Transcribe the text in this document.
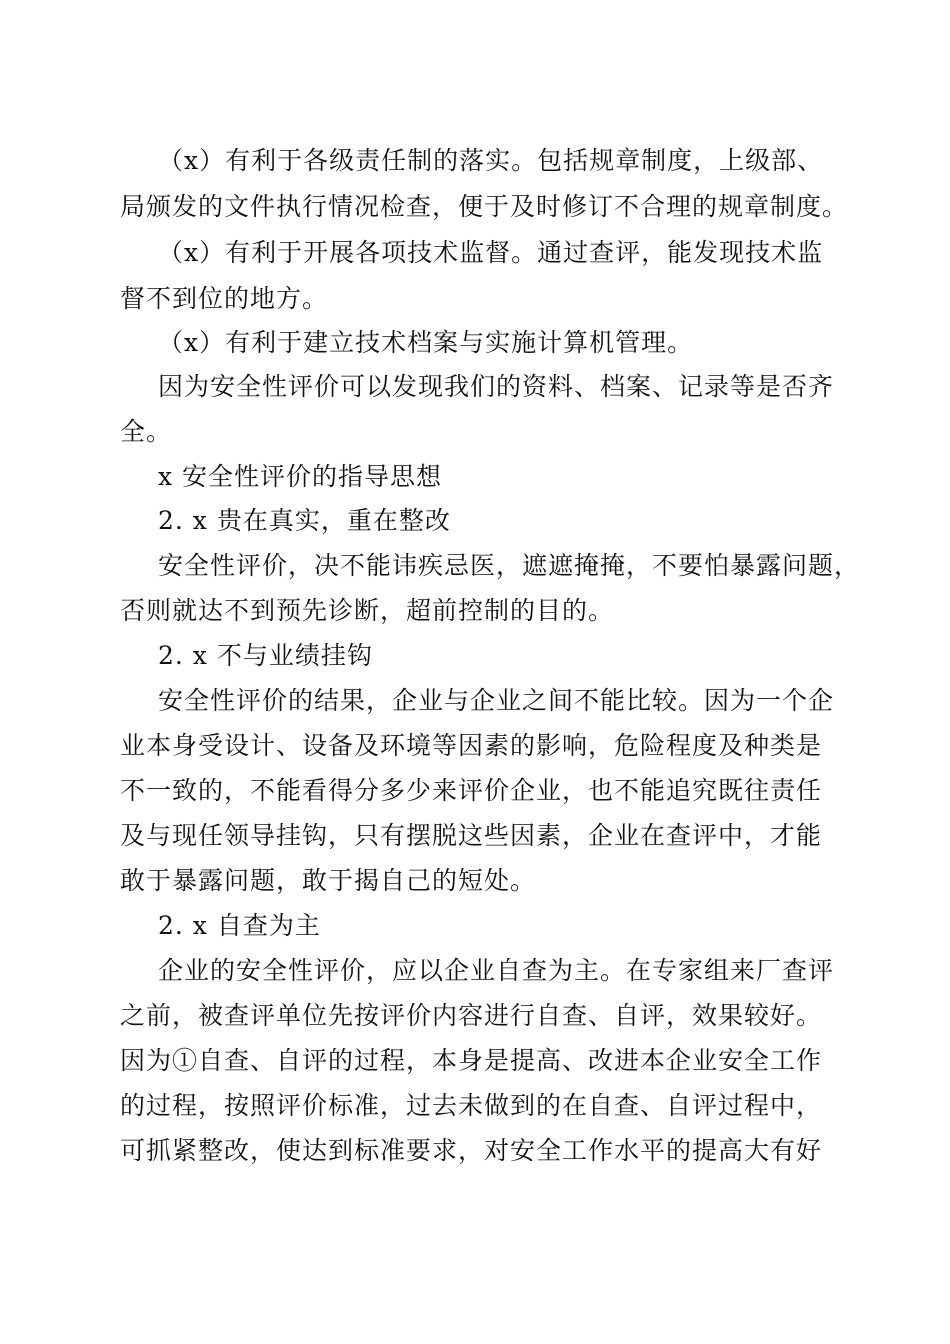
（x）有利于各级责任制的落实。包括规章制度，上级部、
局颁发的文件执行情况检查，便于及时修订不合理的规章制度。
（x）有利于开展各项技术监督。通过查评，能发现技术监
督不到位的地方。
（x）有利于建立技术档案与实施计算机管理。
因为安全性评价可以发现我们的资料、档案、记录等是否齐
全。
x 安全性评价的指导思想
2. x 贵在真实，重在整改
安全性评价，决不能讳疾忌医，遮遮掩掩，不要怕暴露问题，
否则就达不到预先诊断，超前控制的目的。
2. x 不与业绩挂钩
安全性评价的结果，企业与企业之间不能比较。因为一个企
业本身受设计、设备及环境等因素的影响，危险程度及种类是
不一致的，不能看得分多少来评价企业，也不能追究既往责任
及与现任领导挂钩，只有摆脱这些因素，企业在查评中，才能
敢于暴露问题，敢于揭自己的短处。
2. x 自查为主
企业的安全性评价，应以企业自查为主。在专家组来厂查评
之前，被查评单位先按评价内容进行自查、自评，效果较好。
因为①自查、自评的过程，本身是提高、改进本企业安全工作
的过程，按照评价标准，过去未做到的在自查、自评过程中，
可抓紧整改，使达到标准要求，对安全工作水平的提高大有好
